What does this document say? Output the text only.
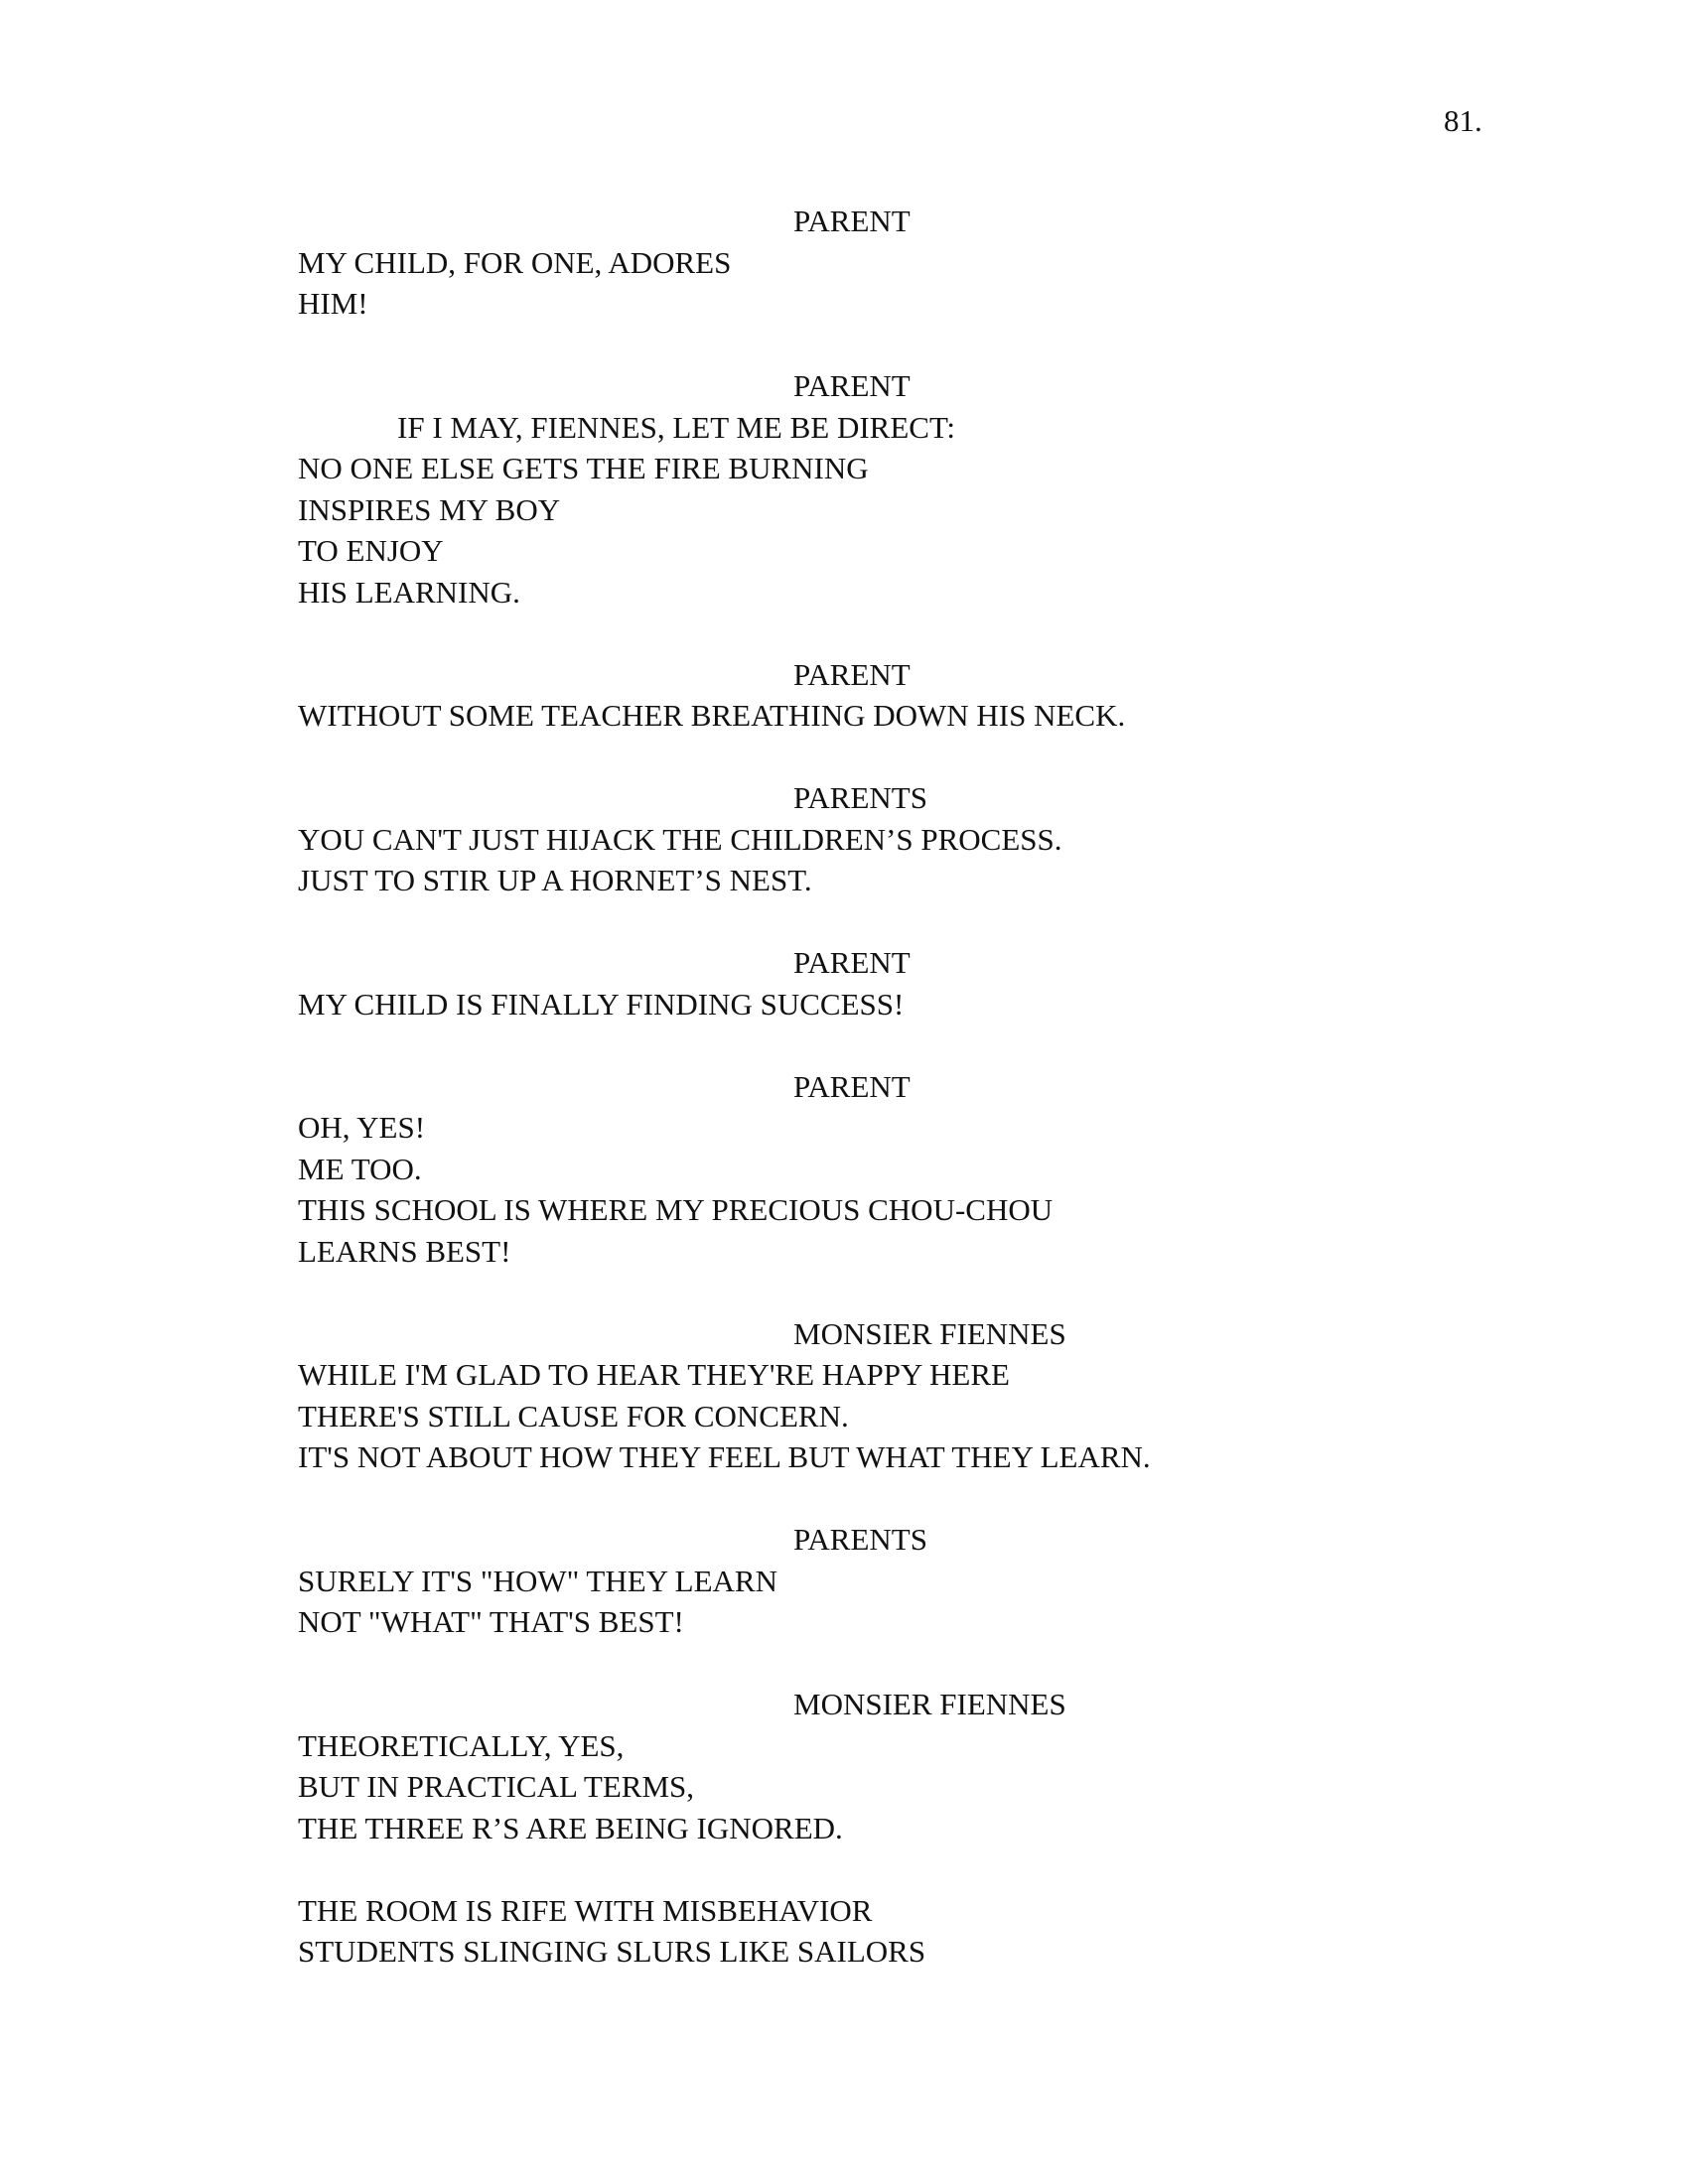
81.
PARENT
MY CHILD, FOR ONE, ADORES
HIM!
PARENT
IF I MAY, FIENNES, LET ME BE DIRECT:
NO ONE ELSE GETS THE FIRE BURNING
INSPIRES MY BOY
TO ENJOY
HIS LEARNING.
PARENT
WITHOUT SOME TEACHER BREATHING DOWN HIS NECK.
PARENTS
YOU CAN'T JUST HIJACK THE CHILDREN’S PROCESS.
JUST TO STIR UP A HORNET’S NEST.
PARENT
MY CHILD IS FINALLY FINDING SUCCESS!
PARENT
OH, YES!
ME TOO.
THIS SCHOOL IS WHERE MY PRECIOUS CHOU-CHOU
LEARNS BEST!
MONSIER FIENNES
WHILE I'M GLAD TO HEAR THEY'RE HAPPY HERE
THERE'S STILL CAUSE FOR CONCERN.
IT'S NOT ABOUT HOW THEY FEEL BUT WHAT THEY LEARN.
PARENTS
SURELY IT'S "HOW" THEY LEARN
NOT "WHAT" THAT'S BEST!
MONSIER FIENNES
THEORETICALLY, YES,
BUT IN PRACTICAL TERMS,
THE THREE R’S ARE BEING IGNORED.
THE ROOM IS RIFE WITH MISBEHAVIOR
STUDENTS SLINGING SLURS LIKE SAILORS
